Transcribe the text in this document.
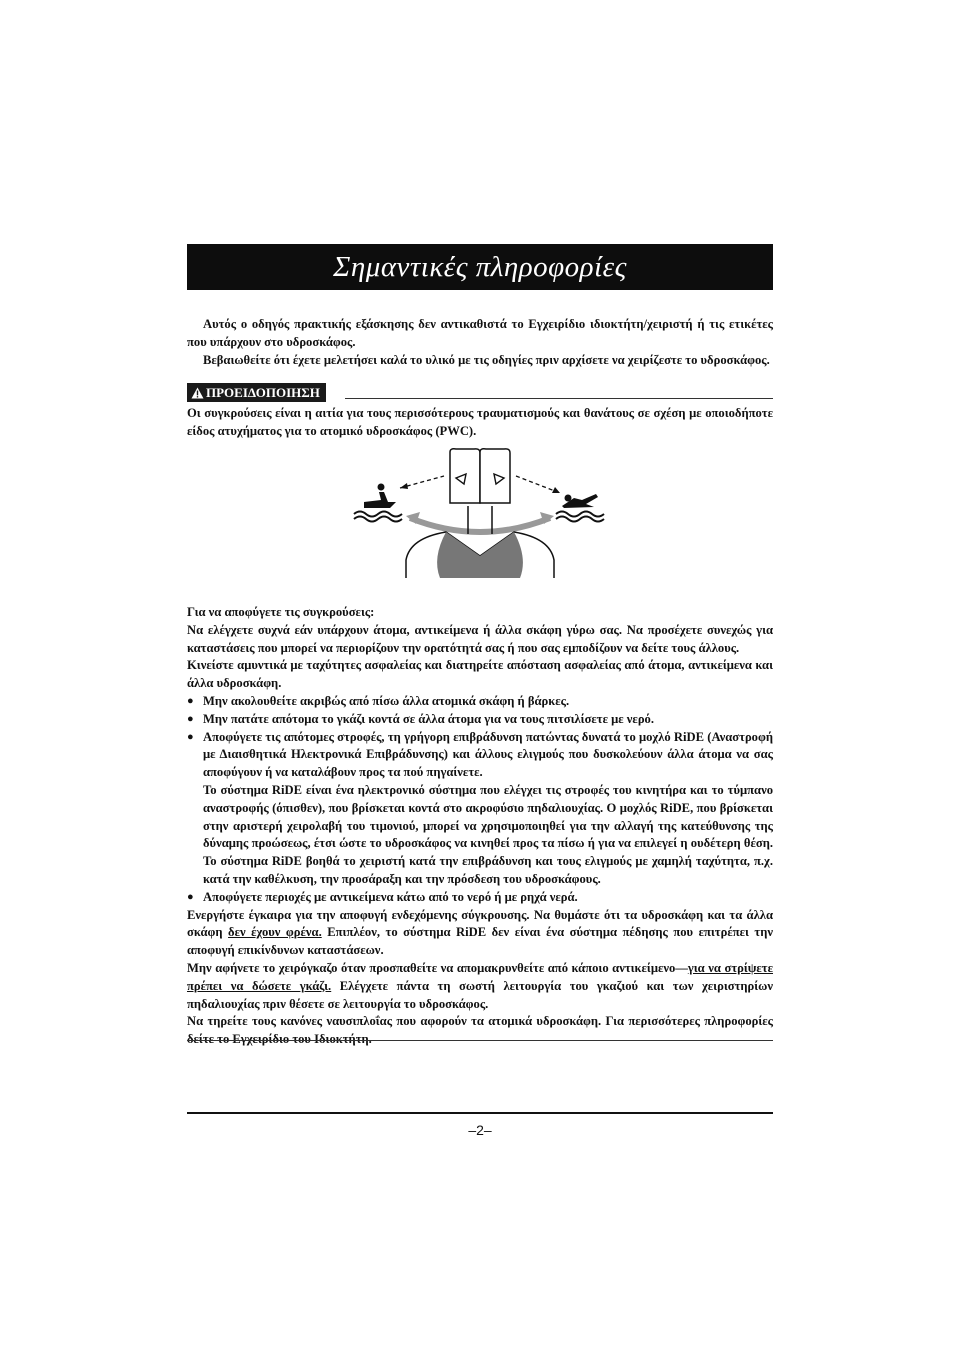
Σημαντικές πληροφορίες

Αυτός ο οδηγός πρακτικής εξάσκησης δεν αντικαθιστά το Εγχειρίδιο ιδιοκτήτη/χειριστή ή τις ετικέτες που υπάρχουν στο υδροσκάφος.

Βεβαιωθείτε ότι έχετε μελετήσει καλά το υλικό με τις οδηγίες πριν αρχίσετε να χειρίζεστε το υδροσκάφος.

ΠΡΟΕΙΔΟΠΟΙΗΣΗ

Οι συγκρούσεις είναι η αιτία για τους περισσότερους τραυματισμούς και θανάτους σε σχέση με οποιοδήποτε είδος ατυχήματος για το ατομικό υδροσκάφος (PWC).

Για να αποφύγετε τις συγκρούσεις:

Να ελέγχετε συχνά εάν υπάρχουν άτομα, αντικείμενα ή άλλα σκάφη γύρω σας. Να προσέχετε συνεχώς για καταστάσεις που μπορεί να περιορίζουν την ορατότητά σας ή που σας εμποδίζουν να δείτε τους άλλους.

Κινείστε αμυντικά με ταχύτητες ασφαλείας και διατηρείτε απόσταση ασφαλείας από άτομα, αντικείμενα και άλλα υδροσκάφη.

● Μην ακολουθείτε ακριβώς από πίσω άλλα ατομικά σκάφη ή βάρκες.
● Μην πατάτε απότομα το γκάζι κοντά σε άλλα άτομα για να τους πιτσιλίσετε με νερό.
● Αποφύγετε τις απότομες στροφές, τη γρήγορη επιβράδυνση πατώντας δυνατά το μοχλό RiDE (Αναστροφή με Διαισθητικά Ηλεκτρονικά Επιβράδυνσης) και άλλους ελιγμούς που δυσκολεύουν άλλα άτομα να σας αποφύγουν ή να καταλάβουν προς τα πού πηγαίνετε.

Το σύστημα RiDE είναι ένα ηλεκτρονικό σύστημα που ελέγχει τις στροφές του κινητήρα και το τύμπανο αναστροφής (όπισθεν), που βρίσκεται κοντά στο ακροφύσιο πηδαλιουχίας. Ο μοχλός RiDE, που βρίσκεται στην αριστερή χειρολαβή του τιμονιού, μπορεί να χρησιμοποιηθεί για την αλλαγή της κατεύθυνσης της δύναμης προώσεως, έτσι ώστε το υδροσκάφος να κινηθεί προς τα πίσω ή για να επιλεγεί η ουδέτερη θέση. Το σύστημα RiDE βοηθά το χειριστή κατά την επιβράδυνση και τους ελιγμούς με χαμηλή ταχύτητα, π.χ. κατά την καθέλκυση, την προσάραξη και την πρόσδεση του υδροσκάφους.

● Αποφύγετε περιοχές με αντικείμενα κάτω από το νερό ή με ρηχά νερά.

Ενεργήστε έγκαιρα για την αποφυγή ενδεχόμενης σύγκρουσης. Να θυμάστε ότι τα υδροσκάφη και τα άλλα σκάφη δεν έχουν φρένα. Επιπλέον, το σύστημα RiDE δεν είναι ένα σύστημα πέδησης που επιτρέπει την αποφυγή επικίνδυνων καταστάσεων.

Μην αφήνετε το χειρόγκαζο όταν προσπαθείτε να απομακρυνθείτε από κάποιο αντικείμενο—για να στρίψετε πρέπει να δώσετε γκάζι. Ελέγχετε πάντα τη σωστή λειτουργία του γκαζιού και των χειριστηρίων πηδαλιουχίας πριν θέσετε σε λειτουργία το υδροσκάφος.

Να τηρείτε τους κανόνες ναυσιπλοΐας που αφορούν τα ατομικά υδροσκάφη. Για περισσότερες πληροφορίες δείτε το Εγχειρίδιο του Ιδιοκτήτη.

–2–
